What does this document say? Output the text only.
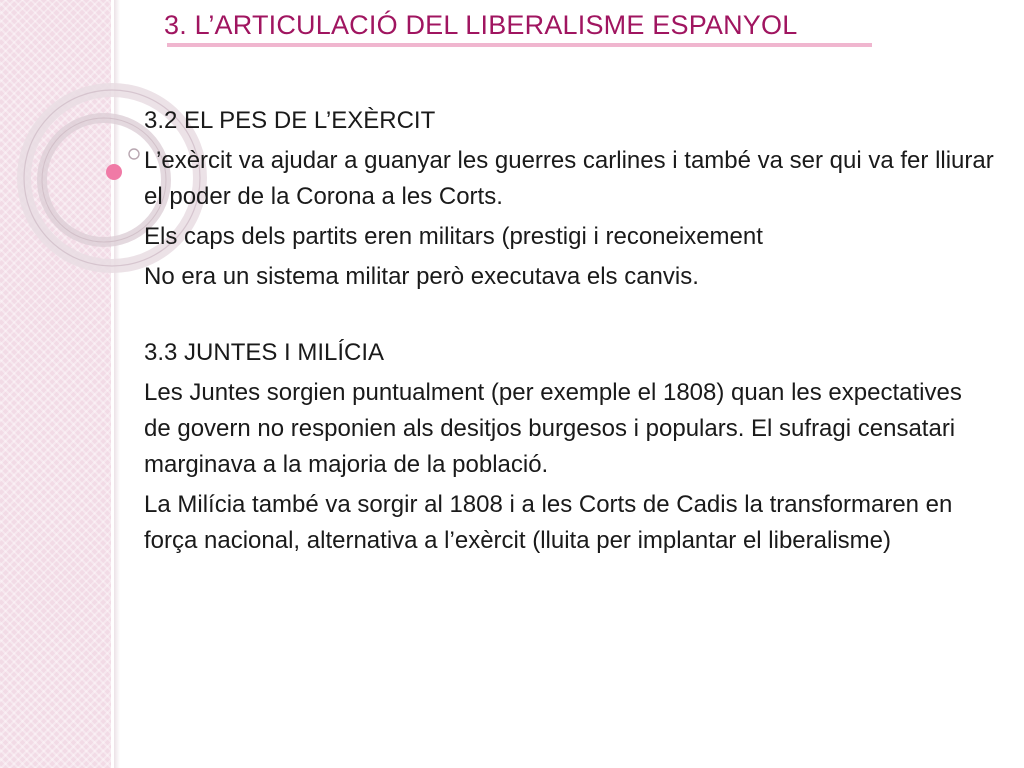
3. L’ARTICULACIÓ DEL LIBERALISME ESPANYOL

3.2 EL PES DE L’EXÈRCIT

L’exèrcit va ajudar a guanyar les guerres carlines i també va ser qui va fer lliurar el poder de la Corona a les Corts.

Els caps dels partits eren militars (prestigi i reconeixement

No era un sistema militar però executava els canvis.

3.3 JUNTES I MILÍCIA

Les Juntes sorgien puntualment (per exemple el 1808) quan les expectatives de govern no responien als desitjos burgesos i populars. El sufragi censatari marginava a la majoria de la població.

La Milícia també va sorgir al 1808 i a les Corts de Cadis la transformaren en força nacional, alternativa a l’exèrcit (lluita per implantar el liberalisme)
